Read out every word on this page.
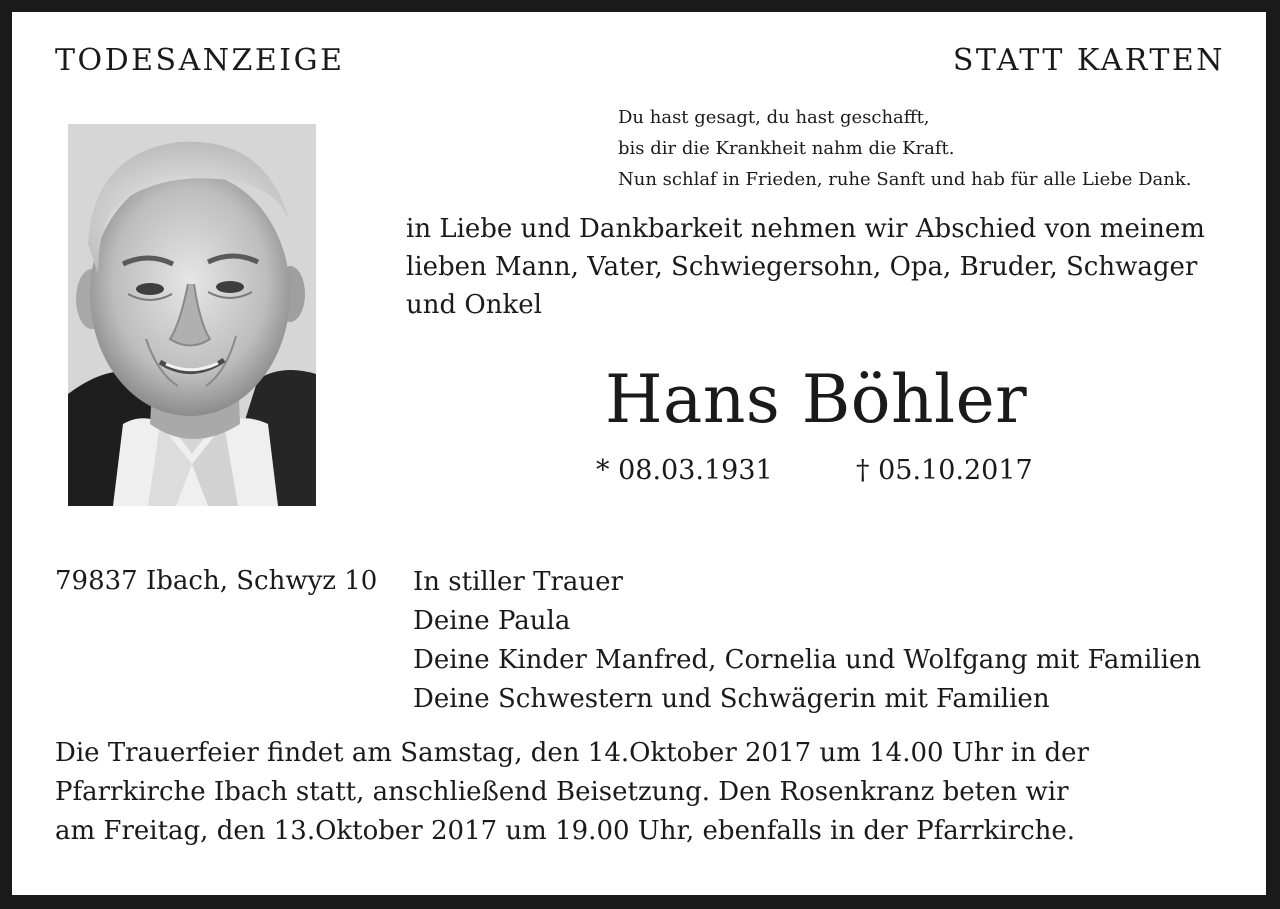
TODESANZEIGE	STATT KARTEN
Du hast gesagt, du hast geschafft,
bis dir die Krankheit nahm die Kraft.
Nun schlaf in Frieden, ruhe Sanft und hab für alle Liebe Dank.
in Liebe und Dankbarkeit nehmen wir Abschied von meinem
lieben Mann, Vater, Schwiegersohn, Opa, Bruder, Schwager
und Onkel
Hans Böhler
* 08.03.1931	† 05.10.2017
79837 Ibach, Schwyz 10 In stiller Trauer
Deine Paula
Deine Kinder Manfred, Cornelia und Wolfgang mit Familien
Deine Schwestern und Schwägerin mit Familien
Die Trauerfeier findet am Samstag, den 14.Oktober 2017 um 14.00 Uhr in der
Pfarrkirche Ibach statt, anschließend Beisetzung. Den Rosenkranz beten wir
am Freitag, den 13.Oktober 2017 um 19.00 Uhr, ebenfalls in der Pfarrkirche.
